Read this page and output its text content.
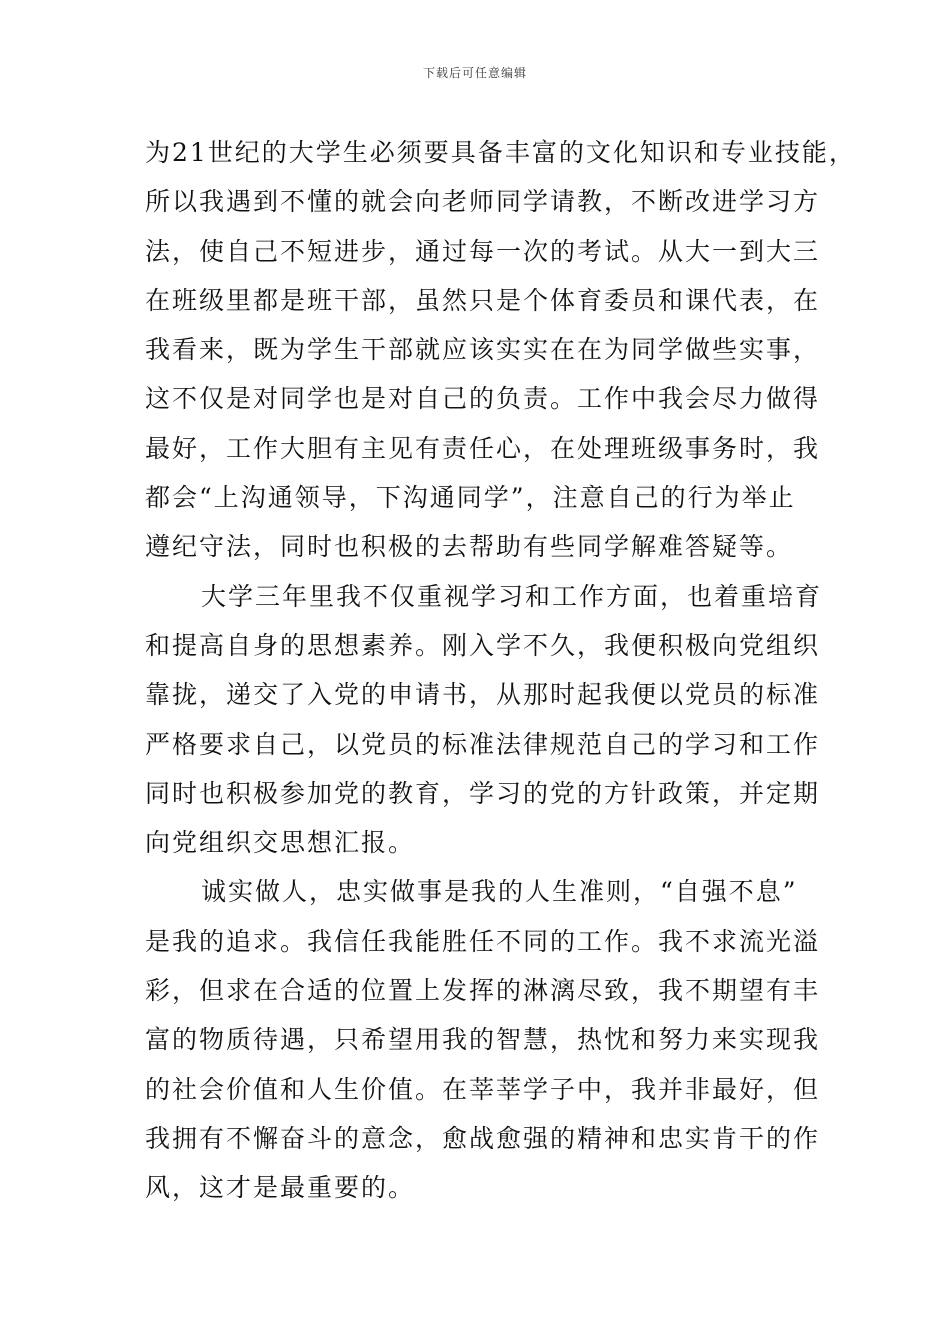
下载后可任意编辑
为21世纪的大学生必须要具备丰富的文化知识和专业技能，
所以我遇到不懂的就会向老师同学请教，不断改进学习方
法，使自己不短进步，通过每一次的考试。从大一到大三
在班级里都是班干部，虽然只是个体育委员和课代表，在
我看来，既为学生干部就应该实实在在为同学做些实事，
这不仅是对同学也是对自己的负责。工作中我会尽力做得
最好，工作大胆有主见有责任心，在处理班级事务时，我
都会“上沟通领导，下沟通同学”，注意自己的行为举止
遵纪守法，同时也积极的去帮助有些同学解难答疑等。
大学三年里我不仅重视学习和工作方面，也着重培育
和提高自身的思想素养。刚入学不久，我便积极向党组织
靠拢，递交了入党的申请书，从那时起我便以党员的标准
严格要求自己，以党员的标准法律规范自己的学习和工作
同时也积极参加党的教育，学习的党的方针政策，并定期
向党组织交思想汇报。
诚实做人，忠实做事是我的人生准则，“自强不息”
是我的追求。我信任我能胜任不同的工作。我不求流光溢
彩，但求在合适的位置上发挥的淋漓尽致，我不期望有丰
富的物质待遇，只希望用我的智慧，热忱和努力来实现我
的社会价值和人生价值。在莘莘学子中，我并非最好，但
我拥有不懈奋斗的意念，愈战愈强的精神和忠实肯干的作
风，这才是最重要的。
